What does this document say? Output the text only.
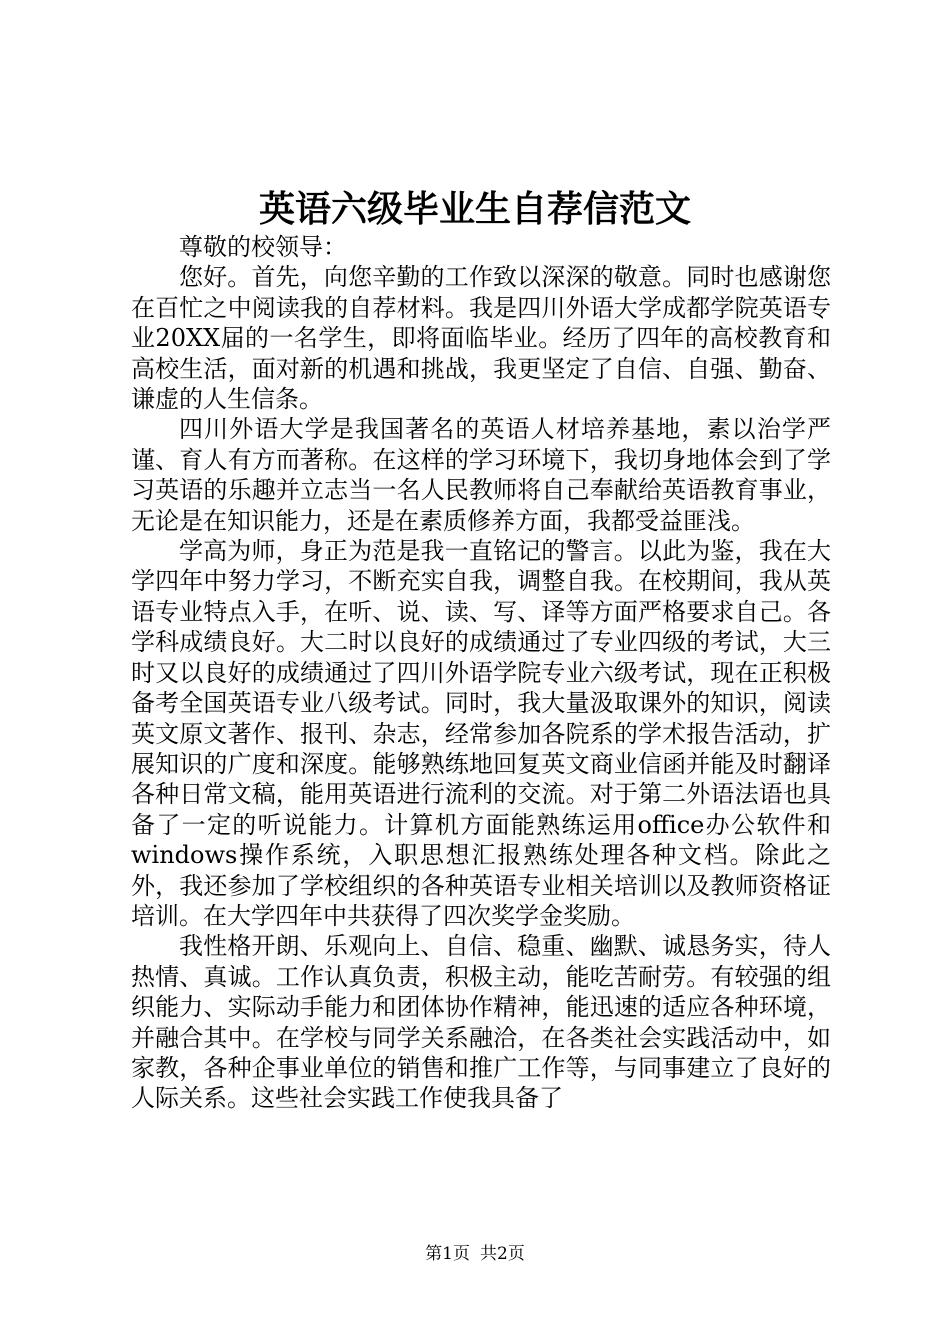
英语六级毕业生自荐信范文

尊敬的校领导：

您好。首先，向您辛勤的工作致以深深的敬意。同时也感谢您在百忙之中阅读我的自荐材料。我是四川外语大学成都学院英语专业20XX届的一名学生，即将面临毕业。经历了四年的高校教育和高校生活，面对新的机遇和挑战，我更坚定了自信、自强、勤奋、谦虚的人生信条。

四川外语大学是我国著名的英语人材培养基地，素以治学严谨、育人有方而著称。在这样的学习环境下，我切身地体会到了学习英语的乐趣并立志当一名人民教师将自己奉献给英语教育事业，无论是在知识能力，还是在素质修养方面，我都受益匪浅。

学高为师，身正为范是我一直铭记的警言。以此为鉴，我在大学四年中努力学习，不断充实自我，调整自我。在校期间，我从英语专业特点入手，在听、说、读、写、译等方面严格要求自己。各学科成绩良好。大二时以良好的成绩通过了专业四级的考试，大三时又以良好的成绩通过了四川外语学院专业六级考试，现在正积极备考全国英语专业八级考试。同时，我大量汲取课外的知识，阅读英文原文著作、报刊、杂志，经常参加各院系的学术报告活动，扩展知识的广度和深度。能够熟练地回复英文商业信函并能及时翻译各种日常文稿，能用英语进行流利的交流。对于第二外语法语也具备了一定的听说能力。计算机方面能熟练运用office办公软件和windows操作系统，入职思想汇报熟练处理各种文档。除此之外，我还参加了学校组织的各种英语专业相关培训以及教师资格证培训。在大学四年中共获得了四次奖学金奖励。

我性格开朗、乐观向上、自信、稳重、幽默、诚恳务实，待人热情、真诚。工作认真负责，积极主动，能吃苦耐劳。有较强的组织能力、实际动手能力和团体协作精神，能迅速的适应各种环境，并融合其中。在学校与同学关系融洽，在各类社会实践活动中，如家教，各种企事业单位的销售和推广工作等，与同事建立了良好的人际关系。这些社会实践工作使我具备了

第1页 共2页
